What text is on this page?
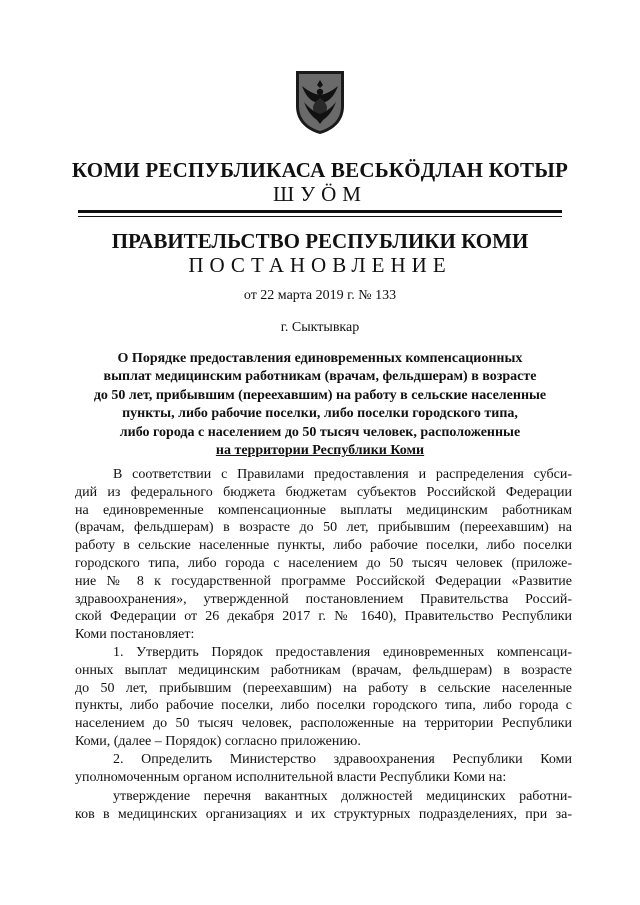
КОМИ РЕСПУБЛИКАСА ВЕСЬКӦДЛАН КОТЫР
ШУӦМ
ПРАВИТЕЛЬСТВО РЕСПУБЛИКИ КОМИ
ПОСТАНОВЛЕНИЕ
от 22 марта 2019 г. № 133
г. Сыктывкар
О Порядке предоставления единовременных компенсационных
выплат медицинским работникам (врачам, фельдшерам) в возрасте
до 50 лет, прибывшим (переехавшим) на работу в сельские населенные
пункты, либо рабочие поселки, либо поселки городского типа,
либо города с населением до 50 тысяч человек, расположенные
на территории Республики Коми
В соответствии с Правилами предоставления и распределения субси-
дий из федерального бюджета бюджетам субъектов Российской Федерации
на единовременные компенсационные выплаты медицинским работникам
(врачам, фельдшерам) в возрасте до 50 лет, прибывшим (переехавшим) на
работу в сельские населенные пункты, либо рабочие поселки, либо поселки
городского типа, либо города с населением до 50 тысяч человек (приложе-
ние № 8 к государственной программе Российской Федерации «Развитие
здравоохранения», утвержденной постановлением Правительства Россий-
ской Федерации от 26 декабря 2017 г. № 1640), Правительство Республики
Коми постановляет:
1. Утвердить Порядок предоставления единовременных компенсаци-
онных выплат медицинским работникам (врачам, фельдшерам) в возрасте
до 50 лет, прибывшим (переехавшим) на работу в сельские населенные
пункты, либо рабочие поселки, либо поселки городского типа, либо города с
населением до 50 тысяч человек, расположенные на территории Республики
Коми, (далее – Порядок) согласно приложению.
2. Определить Министерство здравоохранения Республики Коми
уполномоченным органом исполнительной власти Республики Коми на:
утверждение перечня вакантных должностей медицинских работни-
ков в медицинских организациях и их структурных подразделениях, при за-
